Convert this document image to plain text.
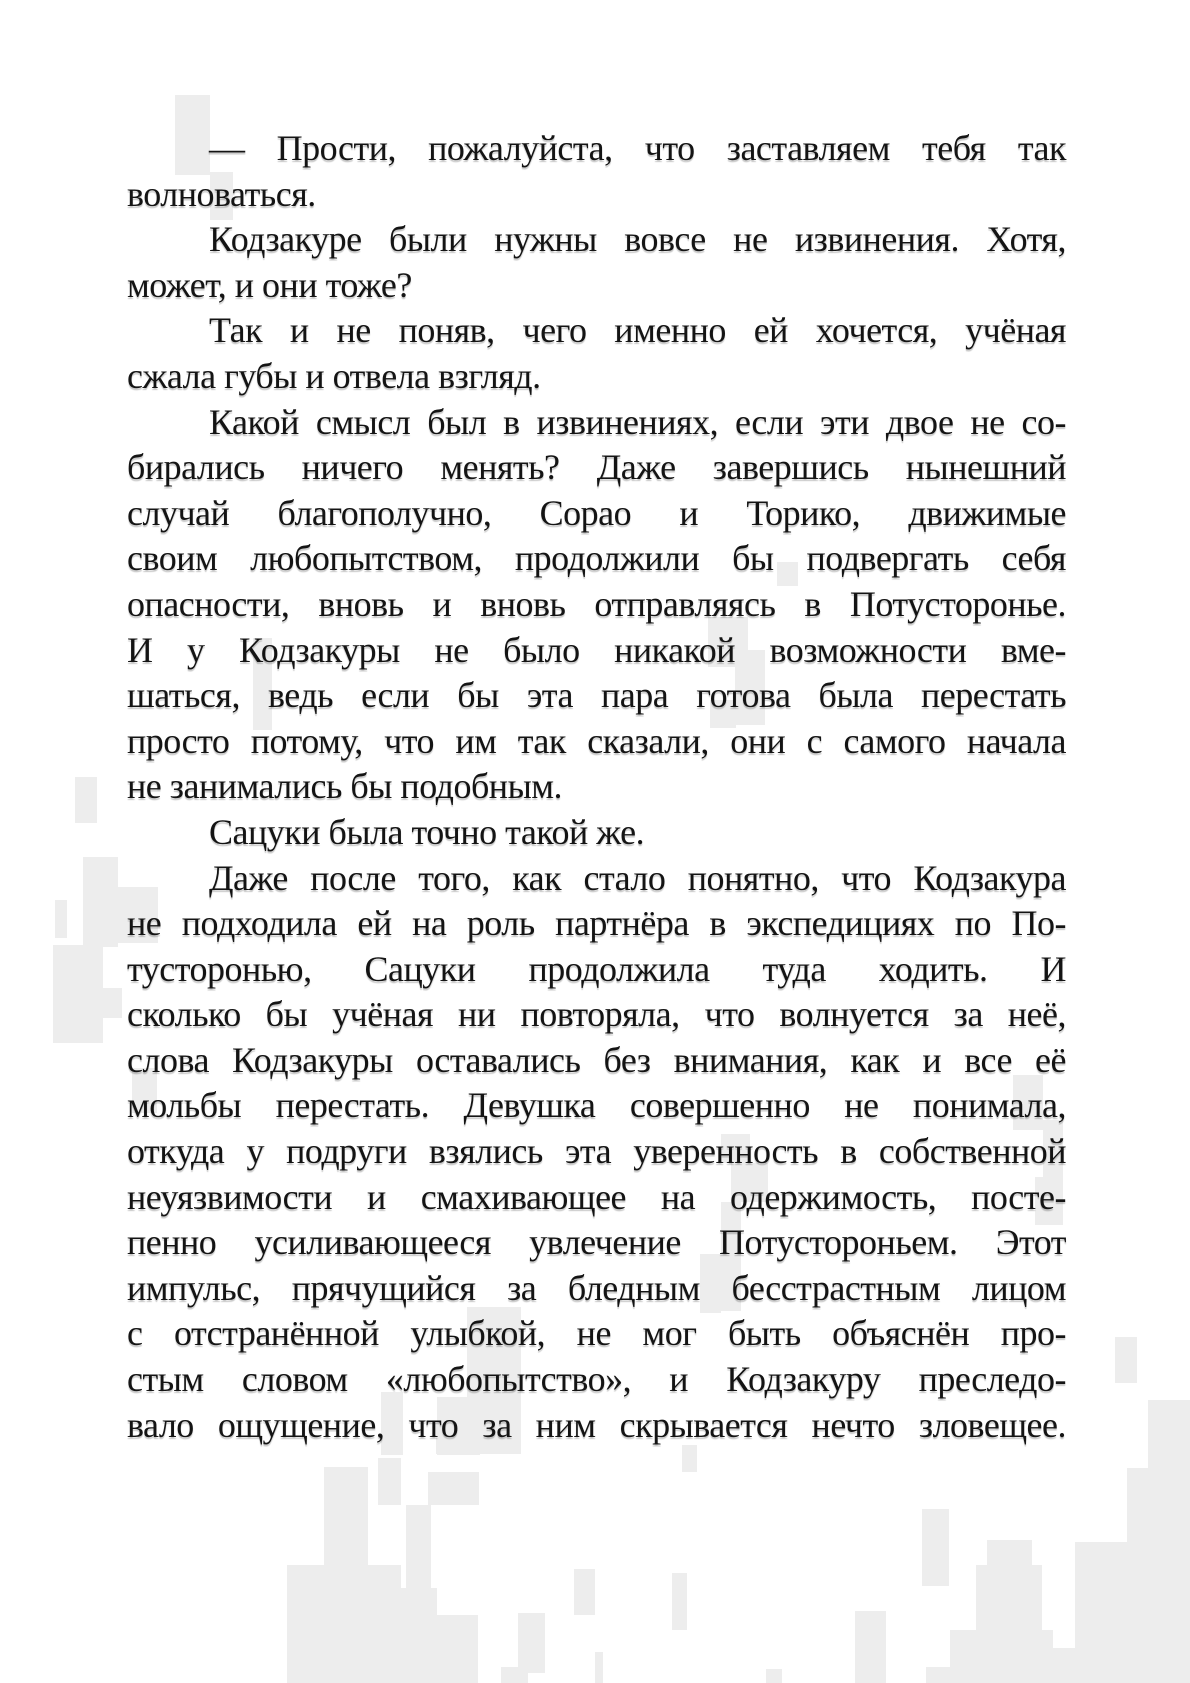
— Прости, пожалуйста, что заставляем тебя так
волноваться.
Кодзакуре были нужны вовсе не извинения. Хотя,
может, и они тоже?
Так и не поняв, чего именно ей хочется, учёная
сжала губы и отвела взгляд.
Какой смысл был в извинениях, если эти двое не со-
бирались ничего менять? Даже завершись нынешний
случай благополучно, Сорао и Торико, движимые
своим любопытством, продолжили бы подвергать себя
опасности, вновь и вновь отправляясь в Потусторонье.
И у Кодзакуры не было никакой возможности вме-
шаться, ведь если бы эта пара готова была перестать
просто потому, что им так сказали, они с самого начала
не занимались бы подобным.
Сацуки была точно такой же.
Даже после того, как стало понятно, что Кодзакура
не подходила ей на роль партнёра в экспедициях по По-
тусторонью, Сацуки продолжила туда ходить. И
сколько бы учёная ни повторяла, что волнуется за неё,
слова Кодзакуры оставались без внимания, как и все её
мольбы перестать. Девушка совершенно не понимала,
откуда у подруги взялись эта уверенность в собственной
неуязвимости и смахивающее на одержимость, посте-
пенно усиливающееся увлечение Потустороньем. Этот
импульс, прячущийся за бледным бесстрастным лицом
с отстранённой улыбкой, не мог быть объяснён про-
стым словом «любопытство», и Кодзакуру преследо-
вало ощущение, что за ним скрывается нечто зловещее.
